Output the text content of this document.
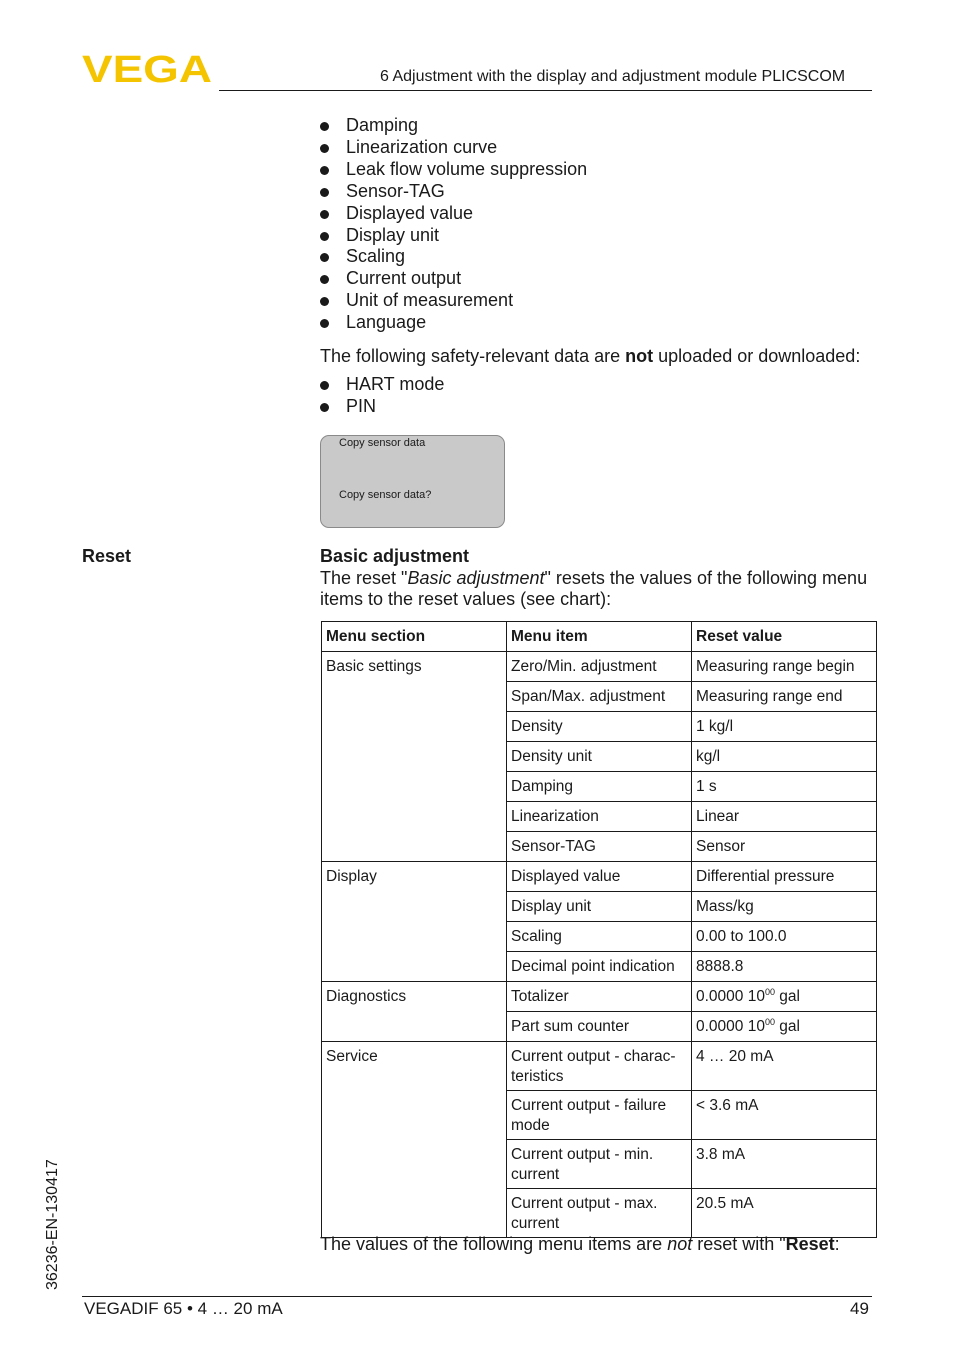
VEGA	6 Adjustment with the display and adjustment module PLICSCOM
Damping
Linearization curve
Leak flow volume suppression
Sensor-TAG
Displayed value
Display unit
Scaling
Current output
Unit of measurement
Language
The following safety-relevant data are not uploaded or downloaded:
HART mode
PIN
Copy sensor data
Copy sensor data?
Reset	Basic adjustment
The reset "Basic adjustment" resets the values of the following menu items to the reset values (see chart):
Menu section	Menu item	Reset value
Basic settings	Zero/Min. adjustment	Measuring range begin
	Span/Max. adjustment	Measuring range end
	Density	1 kg/l
	Density unit	kg/l
	Damping	1 s
	Linearization	Linear
	Sensor-TAG	Sensor
Display	Displayed value	Differential pressure
	Display unit	Mass/kg
	Scaling	0.00 to 100.0
	Decimal point indication	8888.8
Diagnostics	Totalizer	0.0000 $10^{00}$ gal
	Part sum counter	0.0000 $10^{00}$ gal
Service	Current output - charac-teristics	4 … 20 mA
	Current output - failure mode	< 3.6 mA
	Current output - min. current	3.8 mA
	Current output - max. current	20.5 mA
The values of the following menu items are not reset with "Reset:
36236-EN-130417
VEGADIF 65 • 4 … 20 mA	49
